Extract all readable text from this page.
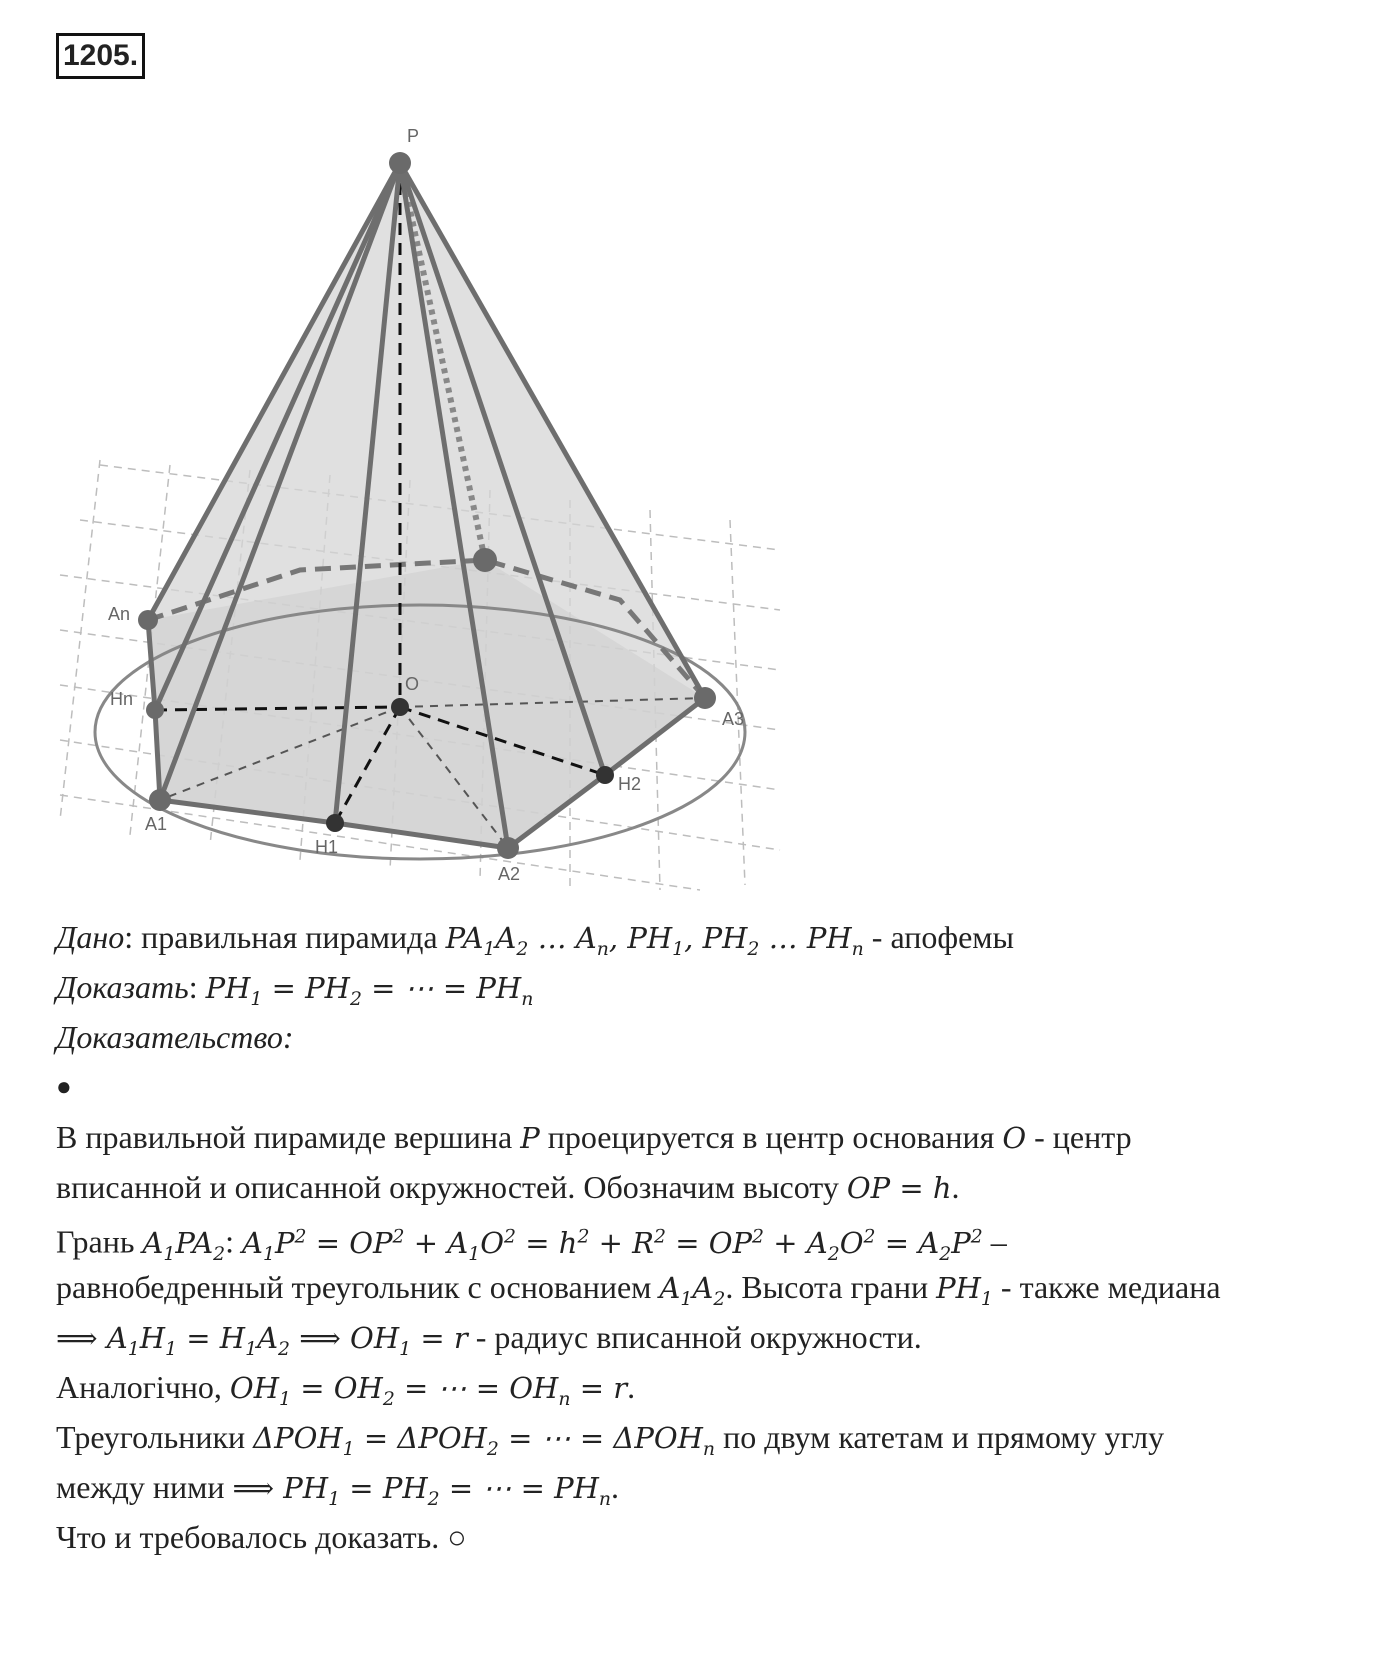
1205.
P
O
An
Hn
A1
H1
A2
H2
A3
Дано: правильная пирамида $PA_1A_2$ … $A_n$, $PH_1$, $PH_2$ … $PH_n$ - апофемы
Доказать: $PH_1 = PH_2$ = ⋯ = $PH_n$
Доказательство:
●
В правильной пирамиде вершина P проецируется в центр основания O - центр
вписанной и описанной окружностей. Обозначим высоту OP = h.
Грань $A_1PA_2$: $A_1P^2 = OP^2 + A_1O^2 = h^2 + R^2 = OP^2 + A_2O^2 = A_2P^2$ –
равнобедренный треугольник с основанием $A_1A_2$. Высота грани $PH_1$ - также медиана
⟹ $A_1H_1 = H_1A_2$ ⟹ $OH_1 = r$ - радиус вписанной окружности.
Аналогічно, $OH_1 = OH_2$ = ⋯ = $OH_n = r$.
Треугольники $\Delta POH_1 = \Delta POH_2$ = ⋯ = $\Delta POH_n$ по двум катетам и прямому углу
между ними ⟹ $PH_1 = PH_2$ = ⋯ = $PH_n$.
Что и требовалось доказать. ○
